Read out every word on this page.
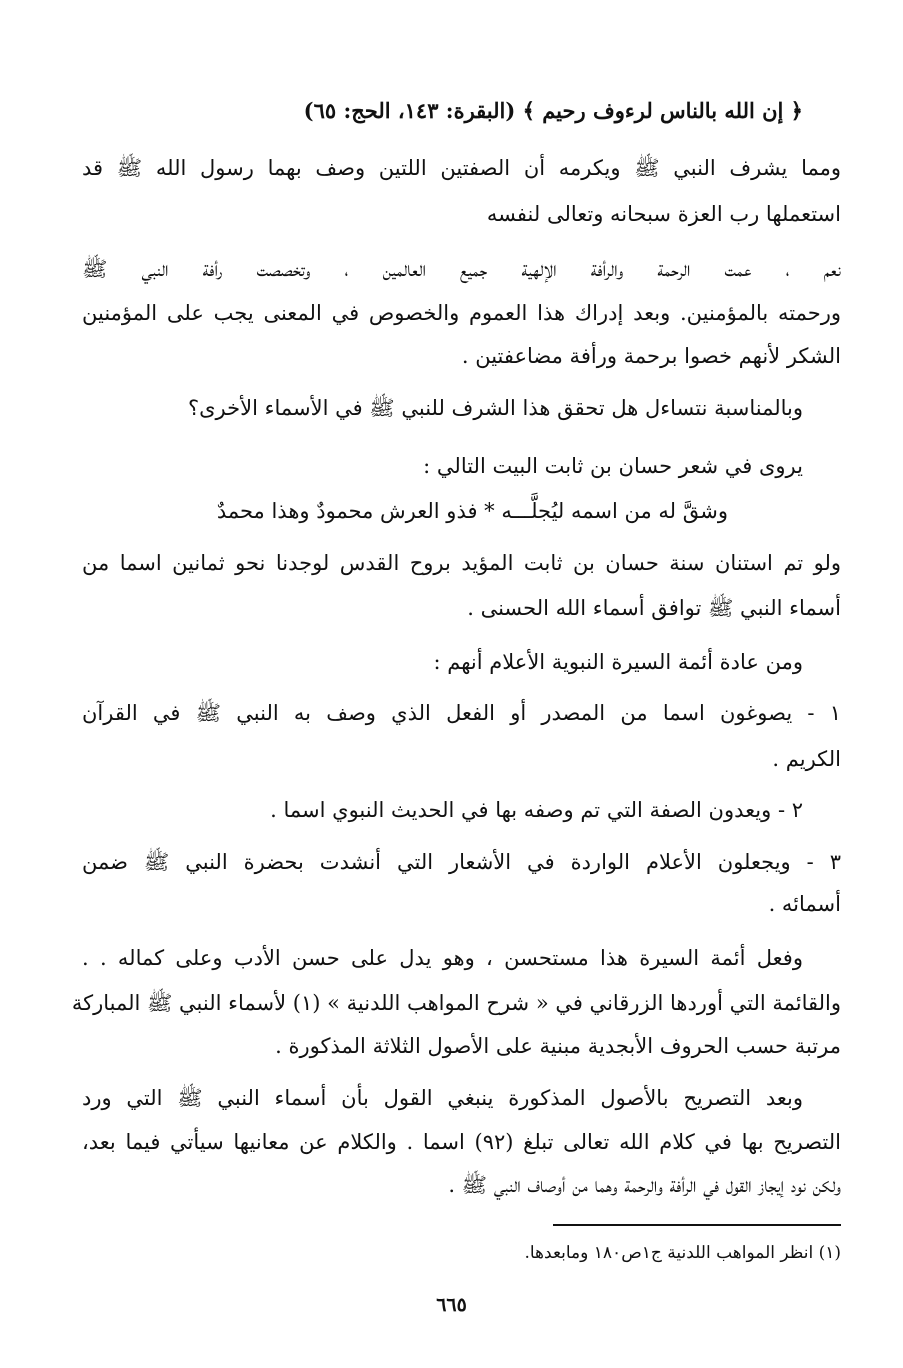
﴿ إن الله بالناس لرءوف رحيم ﴾ (البقرة: ١٤٣، الحج: ٦٥)
ومما يشرف النبي ﷺ ويكرمه أن الصفتين اللتين وصف بهما رسول الله ﷺ قد
استعملها رب العزة سبحانه وتعالى لنفسه
نعم ، عمت الرحمة والرأفة الإلهية جميع العالمين ، وتخصصت رأفة النبي ﷺ
ورحمته بالمؤمنين. وبعد إدراك هذا العموم والخصوص في المعنى يجب على المؤمنين
الشكر لأنهم خصوا برحمة ورأفة مضاعفتين .
وبالمناسبة نتساءل هل تحقق هذا الشرف للنبي ﷺ في الأسماء الأخرى؟
يروى في شعر حسان بن ثابت البيت التالي :
وشقَّ له من اسمه ليُجلَّـــه * فذو العرش محمودٌ وهذا محمدٌ
ولو تم استنان سنة حسان بن ثابت المؤيد بروح القدس لوجدنا نحو ثمانين اسما من
أسماء النبي ﷺ توافق أسماء الله الحسنى .
ومن عادة أئمة السيرة النبوية الأعلام أنهم :
١ - يصوغون اسما من المصدر أو الفعل الذي وصف به النبي ﷺ في القرآن
الكريم .
٢ - ويعدون الصفة التي تم وصفه بها في الحديث النبوي اسما .
٣ - ويجعلون الأعلام الواردة في الأشعار التي أنشدت بحضرة النبي ﷺ ضمن
أسمائه .
وفعل أئمة السيرة هذا مستحسن ، وهو يدل على حسن الأدب وعلى كماله . .
والقائمة التي أوردها الزرقاني في « شرح المواهب اللدنية » (١) لأسماء النبي ﷺ المباركة
مرتبة حسب الحروف الأبجدية مبنية على الأصول الثلاثة المذكورة .
وبعد التصريح بالأصول المذكورة ينبغي القول بأن أسماء النبي ﷺ التي ورد
التصريح بها في كلام الله تعالى تبلغ (٩٢) اسما . والكلام عن معانيها سيأتي فيما بعد،
ولكن نود إيجاز القول في الرأفة والرحمة وهما من أوصاف النبي ﷺ .
(١) انظر المواهب اللدنية ج١ص١٨٠ ومابعدها.
٦٦٥
